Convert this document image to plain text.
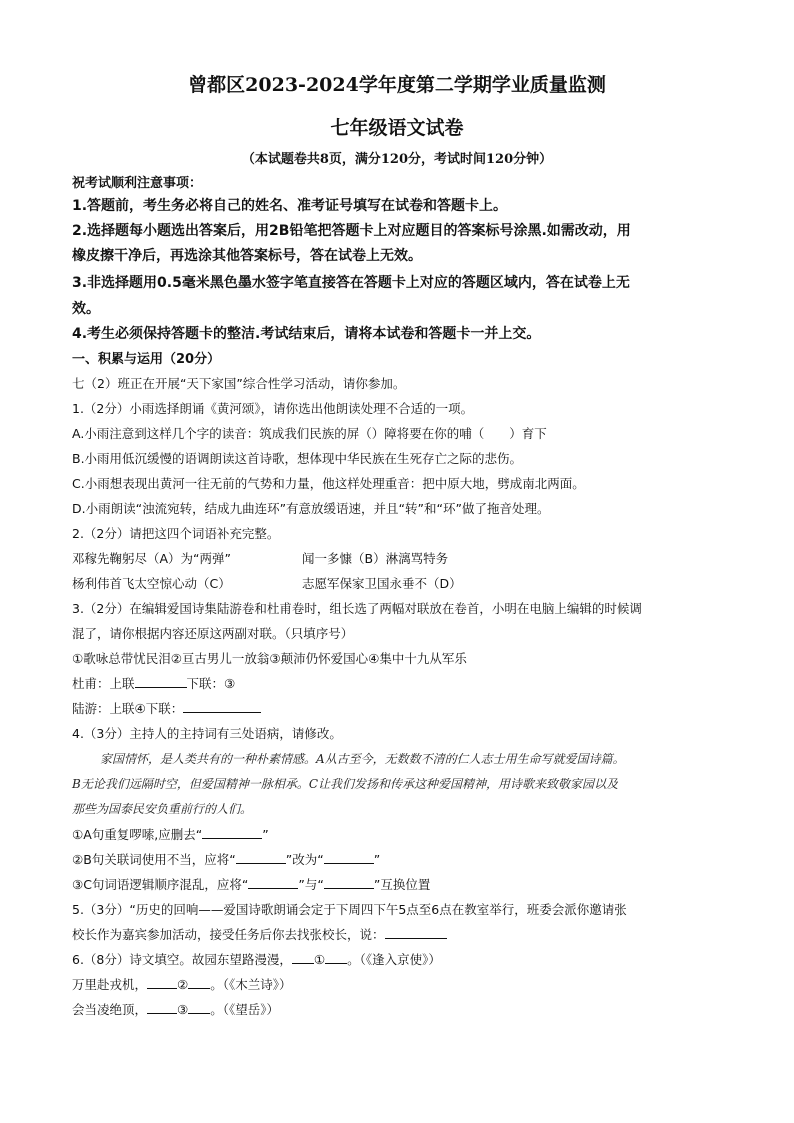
曾都区2023-2024学年度第二学期学业质量监测
七年级语文试卷
（本试题卷共8页，满分120分，考试时间120分钟）
祝考试顺利注意事项：
1.答题前，考生务必将自己的姓名、准考证号填写在试卷和答题卡上。
2.选择题每小题选出答案后，用2B铅笔把答题卡上对应题目的答案标号涂黑.如需改动，用
橡皮擦干净后，再选涂其他答案标号，答在试卷上无效。
3.非选择题用0.5毫米黑色墨水签字笔直接答在答题卡上对应的答题区域内，答在试卷上无
效。
4.考生必须保持答题卡的整洁.考试结束后，请将本试卷和答题卡一并上交。
一、积累与运用（20分）
七（2）班正在开展“天下家国”综合性学习活动，请你参加。
1.（2分）小雨选择朗诵《黄河颂》，请你选出他朗读处理不合适的一项。
A.小雨注意到这样几个字的读音：筑成我们民族的屏（）障将要在你的哺（　　）育下
B.小雨用低沉缓慢的语调朗读这首诗歌，想体现中华民族在生死存亡之际的悲伤。
C.小雨想表现出黄河一往无前的气势和力量，他这样处理重音：把中原大地，劈成南北两面。
D.小雨朗读“浊流宛转，结成九曲连环”有意放缓语速，并且“转”和“环”做了拖音处理。
2.（2分）请把这四个词语补充完整。
邓稼先鞠躬尽（A）为“两弹”	闻一多慷（B）淋漓骂特务
杨利伟首飞太空惊心动（C）	志愿军保家卫国永垂不（D）
3.（2分）在编辑爱国诗集陆游卷和杜甫卷时，组长选了两幅对联放在卷首，小明在电脑上编辑的时候调
混了，请你根据内容还原这两副对联。（只填序号）
①歌咏总带忧民泪②亘古男儿一放翁③颠沛仍怀爱国心④集中十九从军乐
杜甫：上联	下联：③
陆游：上联④下联：
4.（3分）主持人的主持词有三处语病，请修改。
家国情怀，是人类共有的一种朴素情感。A从古至今，无数数不清的仁人志士用生命写就爱国诗篇。
B无论我们远隔时空，但爱国精神一脉相承。C让我们发扬和传承这种爱国精神，用诗歌来致敬家园以及
那些为国泰民安负重前行的人们。
①A句重复啰嗦,应删去“	”
②B句关联词使用不当，应将“	”改为“	”
③C句词语逻辑顺序混乱，应将“	”与“	”互换位置
5.（3分）“历史的回响——爱国诗歌朗诵会定于下周四下午5点至6点在教室举行，班委会派你邀请张
校长作为嘉宾参加活动，接受任务后你去找张校长，说：
6.（8分）诗文填空。故园东望路漫漫， ① 。（《逢入京使》）
万里赴戎机， ② 。（《木兰诗》）
会当凌绝顶， ③ 。（《望岳》）
